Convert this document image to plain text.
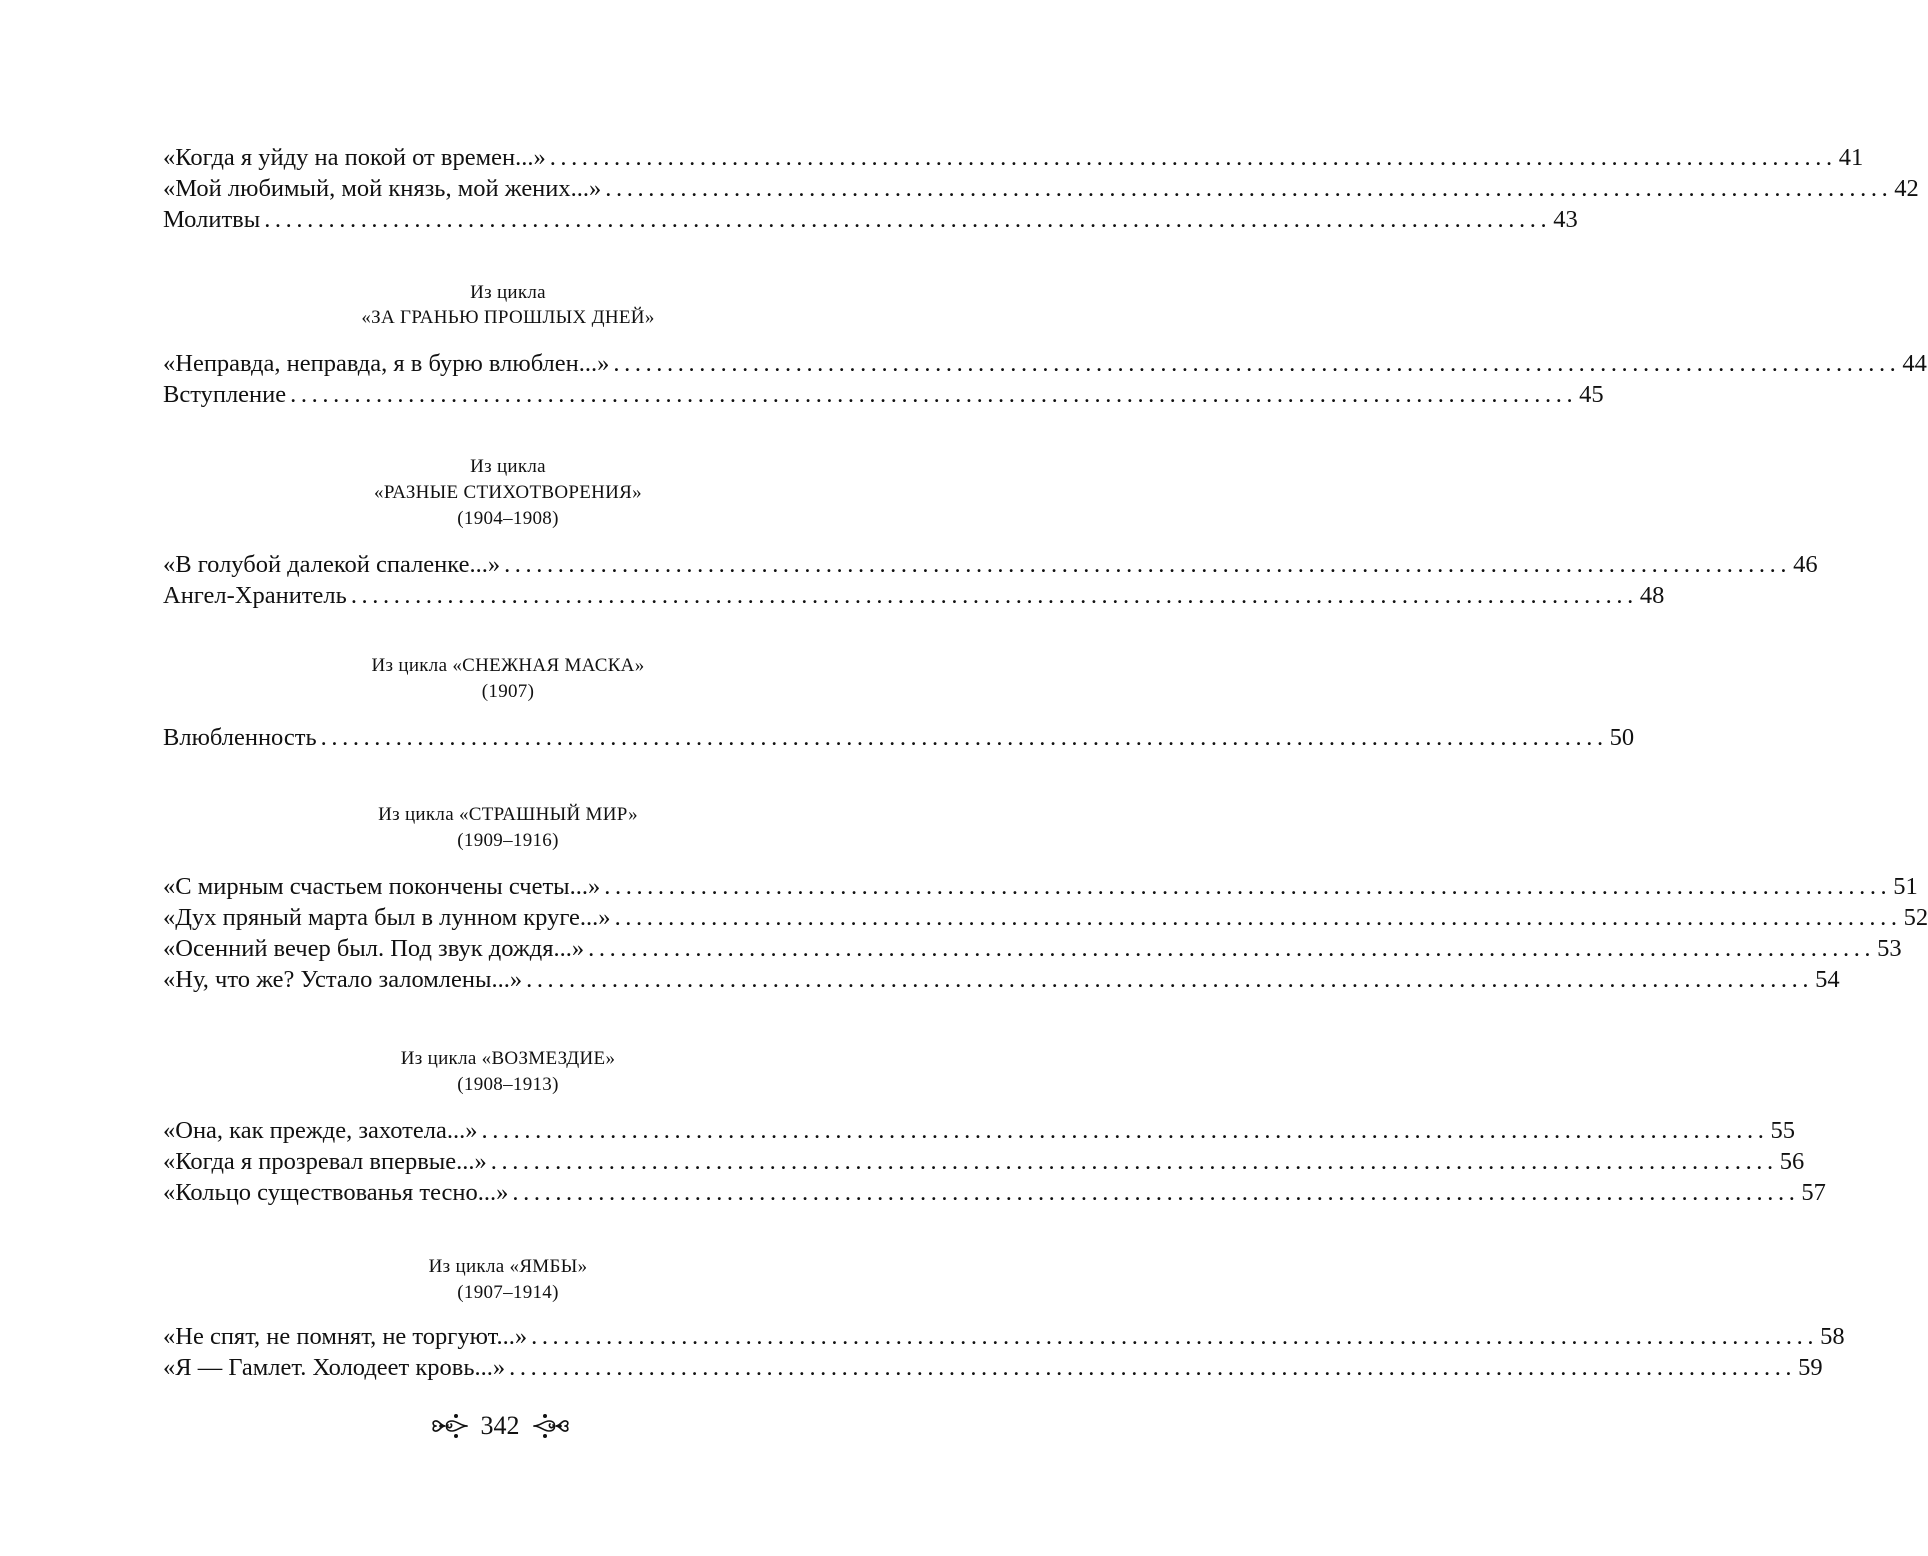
«Когда я уйду на покой от времен...» ........................................................................................................................ 41
«Мой любимый, мой князь, мой жених...» ........................................................................................................................ 42
Молитвы ........................................................................................................................ 43
Из цикла
«ЗА ГРАНЬЮ ПРОШЛЫХ ДНЕЙ»
«Неправда, неправда, я в бурю влюблен...» ........................................................................................................................ 44
Вступление ........................................................................................................................ 45
Из цикла
«РАЗНЫЕ СТИХОТВОРЕНИЯ»
(1904–1908)
«В голубой далекой спаленке...» ........................................................................................................................ 46
Ангел-Хранитель ........................................................................................................................ 48
Из цикла «СНЕЖНАЯ МАСКА»
(1907)
Влюбленность ........................................................................................................................ 50
Из цикла «СТРАШНЫЙ МИР»
(1909–1916)
«С мирным счастьем покончены счеты...» ........................................................................................................................ 51
«Дух пряный марта был в лунном круге...» ........................................................................................................................ 52
«Осенний вечер был. Под звук дождя...» ........................................................................................................................ 53
«Ну, что же? Устало заломлены...» ........................................................................................................................ 54
Из цикла «ВОЗМЕЗДИЕ»
(1908–1913)
«Она, как прежде, захотела...» ........................................................................................................................ 55
«Когда я прозревал впервые...» ........................................................................................................................ 56
«Кольцо существованья тесно...» ........................................................................................................................ 57
Из цикла «ЯМБЫ»
(1907–1914)
«Не спят, не помнят, не торгуют...» ........................................................................................................................ 58
«Я — Гамлет. Холодеет кровь...» ........................................................................................................................ 59
342
